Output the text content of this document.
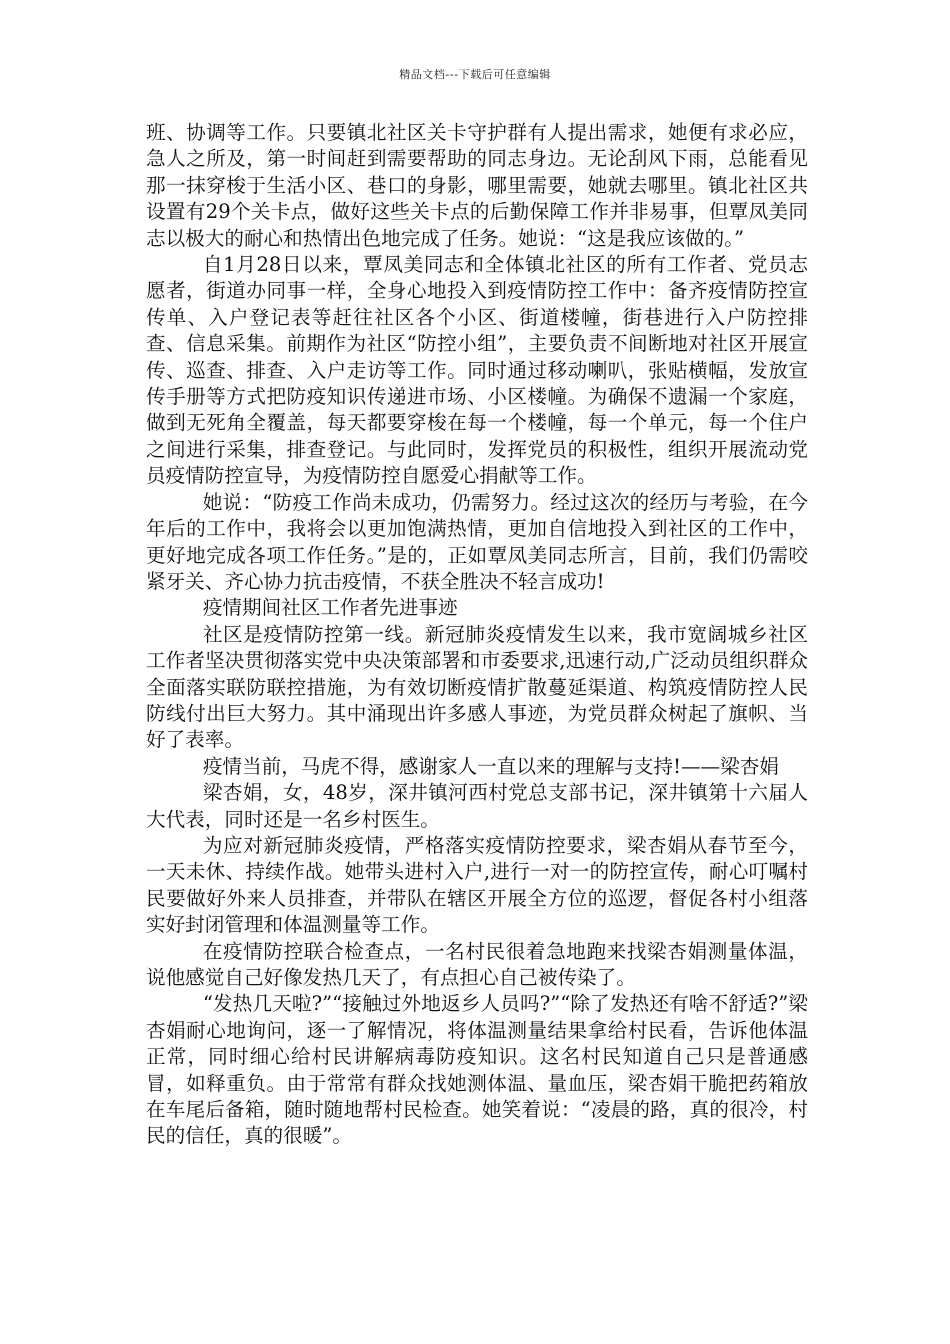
精品文档---下载后可任意编辑

班、协调等工作。只要镇北社区关卡守护群有人提出需求，她便有求必应，急人之所及，第一时间赶到需要帮助的同志身边。无论刮风下雨，总能看见那一抹穿梭于生活小区、巷口的身影，哪里需要，她就去哪里。镇北社区共设置有29个关卡点，做好这些关卡点的后勤保障工作并非易事，但覃凤美同志以极大的耐心和热情出色地完成了任务。她说：“这是我应该做的。”

自1月28日以来，覃凤美同志和全体镇北社区的所有工作者、党员志愿者，街道办同事一样，全身心地投入到疫情防控工作中：备齐疫情防控宣传单、入户登记表等赶往社区各个小区、街道楼幢，街巷进行入户防控排查、信息采集。前期作为社区“防控小组”，主要负责不间断地对社区开展宣传、巡查、排查、入户走访等工作。同时通过移动喇叭，张贴横幅，发放宣传手册等方式把防疫知识传递进市场、小区楼幢。为确保不遗漏一个家庭，做到无死角全覆盖，每天都要穿梭在每一个楼幢，每一个单元，每一个住户之间进行采集，排查登记。与此同时，发挥党员的积极性，组织开展流动党员疫情防控宣导，为疫情防控自愿爱心捐献等工作。

她说：“防疫工作尚未成功，仍需努力。经过这次的经历与考验，在今年后的工作中，我将会以更加饱满热情，更加自信地投入到社区的工作中，更好地完成各项工作任务。”是的，正如覃凤美同志所言，目前，我们仍需咬紧牙关、齐心协力抗击疫情，不获全胜决不轻言成功!

疫情期间社区工作者先进事迹

社区是疫情防控第一线。新冠肺炎疫情发生以来，我市宽阔城乡社区工作者坚决贯彻落实党中央决策部署和市委要求,迅速行动,广泛动员组织群众全面落实联防联控措施，为有效切断疫情扩散蔓延渠道、构筑疫情防控人民防线付出巨大努力。其中涌现出许多感人事迹，为党员群众树起了旗帜、当好了表率。

疫情当前，马虎不得，感谢家人一直以来的理解与支持!——梁杏娟

梁杏娟，女，48岁，深井镇河西村党总支部书记，深井镇第十六届人大代表，同时还是一名乡村医生。

为应对新冠肺炎疫情，严格落实疫情防控要求，梁杏娟从春节至今，一天未休、持续作战。她带头进村入户,进行一对一的防控宣传，耐心叮嘱村民要做好外来人员排查，并带队在辖区开展全方位的巡逻，督促各村小组落实好封闭管理和体温测量等工作。

在疫情防控联合检查点，一名村民很着急地跑来找梁杏娟测量体温，说他感觉自己好像发热几天了，有点担心自己被传染了。

“发热几天啦?”“接触过外地返乡人员吗?”“除了发热还有啥不舒适?”梁杏娟耐心地询问，逐一了解情况，将体温测量结果拿给村民看，告诉他体温正常，同时细心给村民讲解病毒防疫知识。这名村民知道自己只是普通感冒，如释重负。由于常常有群众找她测体温、量血压，梁杏娟干脆把药箱放在车尾后备箱，随时随地帮村民检查。她笑着说：“凌晨的路，真的很冷，村民的信任，真的很暖”。
